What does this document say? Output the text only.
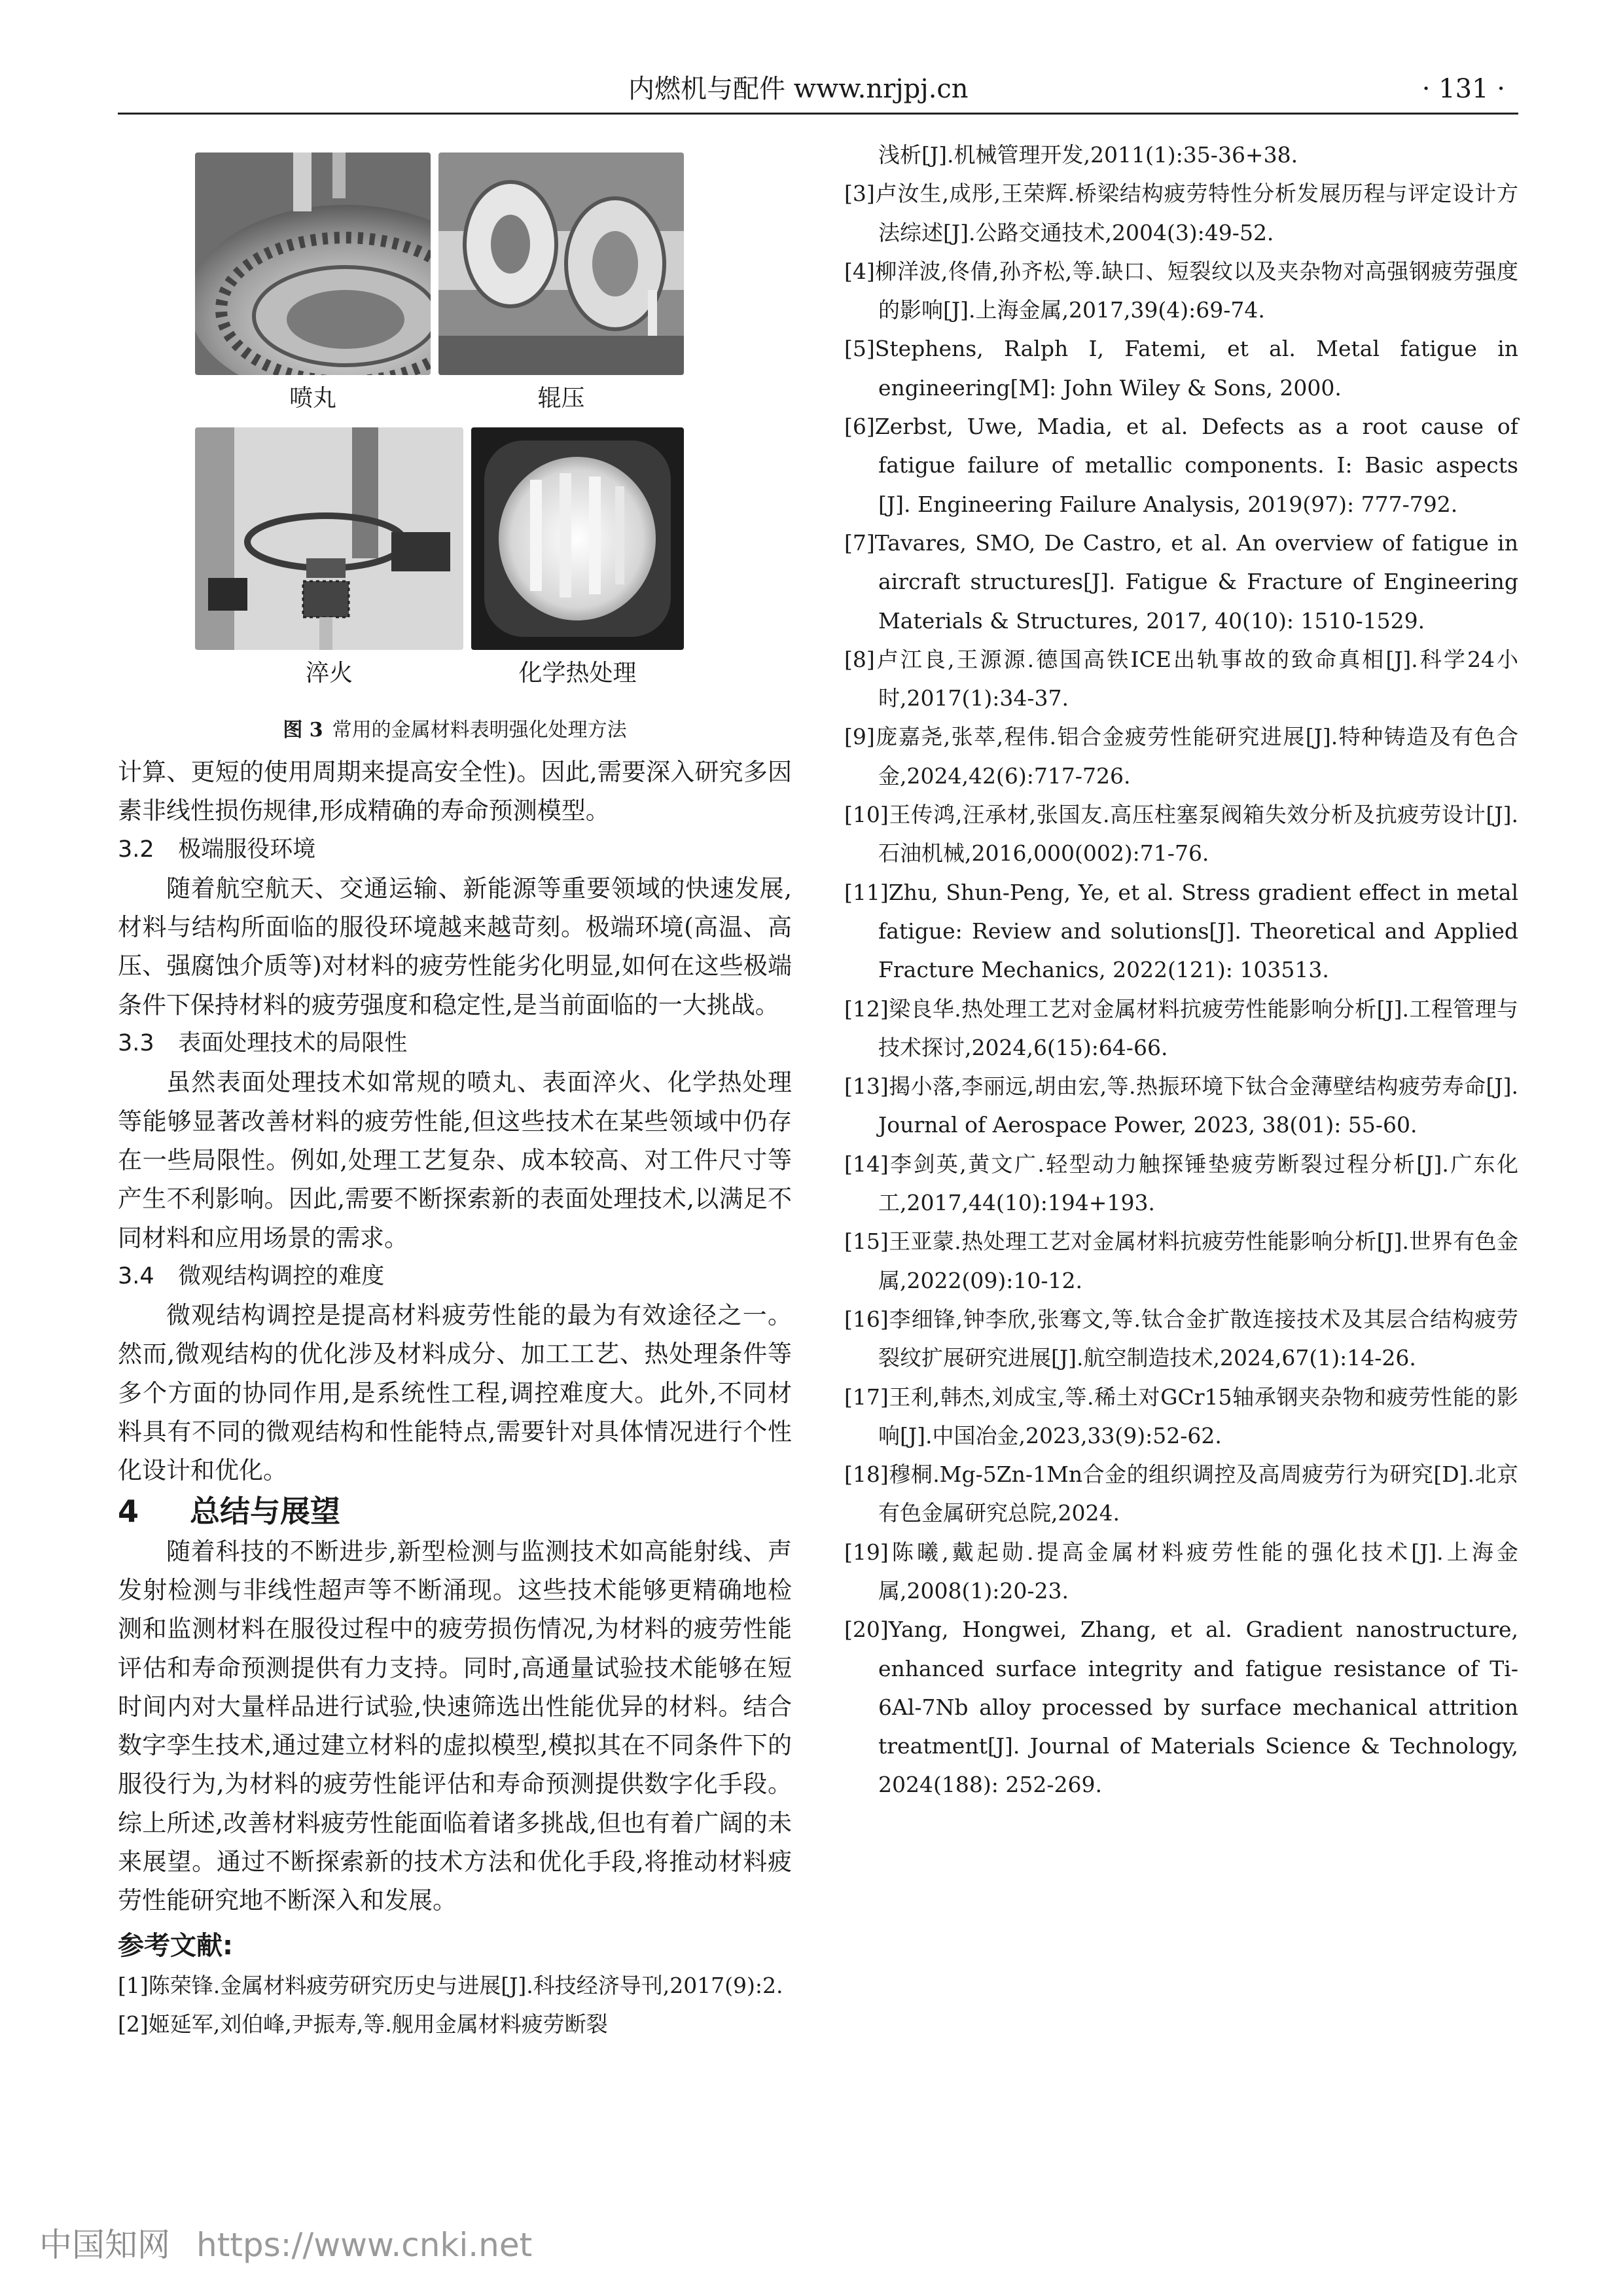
内燃机与配件 www.nrjpj.cn	· 131 ·
喷丸	辊压
淬火	化学热处理
图 3 常用的金属材料表明强化处理方法

计算、更短的使用周期来提高安全性)。因此,需要深入研究多因素非线性损伤规律,形成精确的寿命预测模型。

3.2 极端服役环境

随着航空航天、交通运输、新能源等重要领域的快速发展,材料与结构所面临的服役环境越来越苛刻。极端环境(高温、高压、强腐蚀介质等)对材料的疲劳性能劣化明显,如何在这些极端条件下保持材料的疲劳强度和稳定性,是当前面临的一大挑战。

3.3 表面处理技术的局限性

虽然表面处理技术如常规的喷丸、表面淬火、化学热处理等能够显著改善材料的疲劳性能,但这些技术在某些领域中仍存在一些局限性。例如,处理工艺复杂、成本较高、对工件尺寸等产生不利影响。因此,需要不断探索新的表面处理技术,以满足不同材料和应用场景的需求。

3.4 微观结构调控的难度

微观结构调控是提高材料疲劳性能的最为有效途径之一。然而,微观结构的优化涉及材料成分、加工工艺、热处理条件等多个方面的协同作用,是系统性工程,调控难度大。此外,不同材料具有不同的微观结构和性能特点,需要针对具体情况进行个性化设计和优化。

4 总结与展望

随着科技的不断进步,新型检测与监测技术如高能射线、声发射检测与非线性超声等不断涌现。这些技术能够更精确地检测和监测材料在服役过程中的疲劳损伤情况,为材料的疲劳性能评估和寿命预测提供有力支持。同时,高通量试验技术能够在短时间内对大量样品进行试验,快速筛选出性能优异的材料。结合数字孪生技术,通过建立材料的虚拟模型,模拟其在不同条件下的服役行为,为材料的疲劳性能评估和寿命预测提供数字化手段。综上所述,改善材料疲劳性能面临着诸多挑战,但也有着广阔的未来展望。通过不断探索新的技术方法和优化手段,将推动材料疲劳性能研究地不断深入和发展。

参考文献:

[1]陈荣锋.金属材料疲劳研究历史与进展[J].科技经济导刊,2017(9):2.

[2]姬延军,刘伯峰,尹振寿,等.舰用金属材料疲劳断裂

浅析[J].机械管理开发,2011(1):35-36+38.

[3]卢汝生,成彤,王荣辉.桥梁结构疲劳特性分析发展历程与评定设计方法综述[J].公路交通技术,2004(3):49-52.

[4]柳洋波,佟倩,孙齐松,等.缺口、短裂纹以及夹杂物对高强钢疲劳强度的影响[J].上海金属,2017,39(4):69-74.

[5]Stephens, Ralph I, Fatemi, et al. Metal fatigue in engineering[M]: John Wiley & Sons, 2000.

[6]Zerbst, Uwe, Madia, et al. Defects as a root cause of fatigue failure of metallic components. I: Basic aspects [J]. Engineering Failure Analysis, 2019(97): 777-792.

[7]Tavares, SMO, De Castro, et al. An overview of fatigue in aircraft structures[J]. Fatigue & Fracture of Engineering Materials & Structures, 2017, 40(10): 1510-1529.

[8]卢江良,王源源.德国高铁ICE出轨事故的致命真相[J].科学24小时,2017(1):34-37.

[9]庞嘉尧,张萃,程伟.铝合金疲劳性能研究进展[J].特种铸造及有色合金,2024,42(6):717-726.

[10]王传鸿,汪承材,张国友.高压柱塞泵阀箱失效分析及抗疲劳设计[J].石油机械,2016,000(002):71-76.

[11]Zhu, Shun-Peng, Ye, et al. Stress gradient effect in metal fatigue: Review and solutions[J]. Theoretical and Applied Fracture Mechanics, 2022(121): 103513.

[12]梁良华.热处理工艺对金属材料抗疲劳性能影响分析[J].工程管理与技术探讨,2024,6(15):64-66.

[13]揭小落,李丽远,胡由宏,等.热振环境下钛合金薄壁结构疲劳寿命[J]. Journal of Aerospace Power, 2023, 38(01): 55-60.

[14]李剑英,黄文广.轻型动力触探锤垫疲劳断裂过程分析[J].广东化工,2017,44(10):194+193.

[15]王亚蒙.热处理工艺对金属材料抗疲劳性能影响分析[J].世界有色金属,2022(09):10-12.

[16]李细锋,钟李欣,张骞文,等.钛合金扩散连接技术及其层合结构疲劳裂纹扩展研究进展[J].航空制造技术,2024,67(1):14-26.

[17]王利,韩杰,刘成宝,等.稀土对GCr15轴承钢夹杂物和疲劳性能的影响[J].中国冶金,2023,33(9):52-62.

[18]穆桐.Mg-5Zn-1Mn合金的组织调控及高周疲劳行为研究[D].北京有色金属研究总院,2024.

[19]陈曦,戴起勋.提高金属材料疲劳性能的强化技术[J].上海金属,2008(1):20-23.

[20]Yang, Hongwei, Zhang, et al. Gradient nanostructure, enhanced surface integrity and fatigue resistance of Ti-6Al-7Nb alloy processed by surface mechanical attrition treatment[J]. Journal of Materials Science & Technology, 2024(188): 252-269.

中国知网 https://www.cnki.net
